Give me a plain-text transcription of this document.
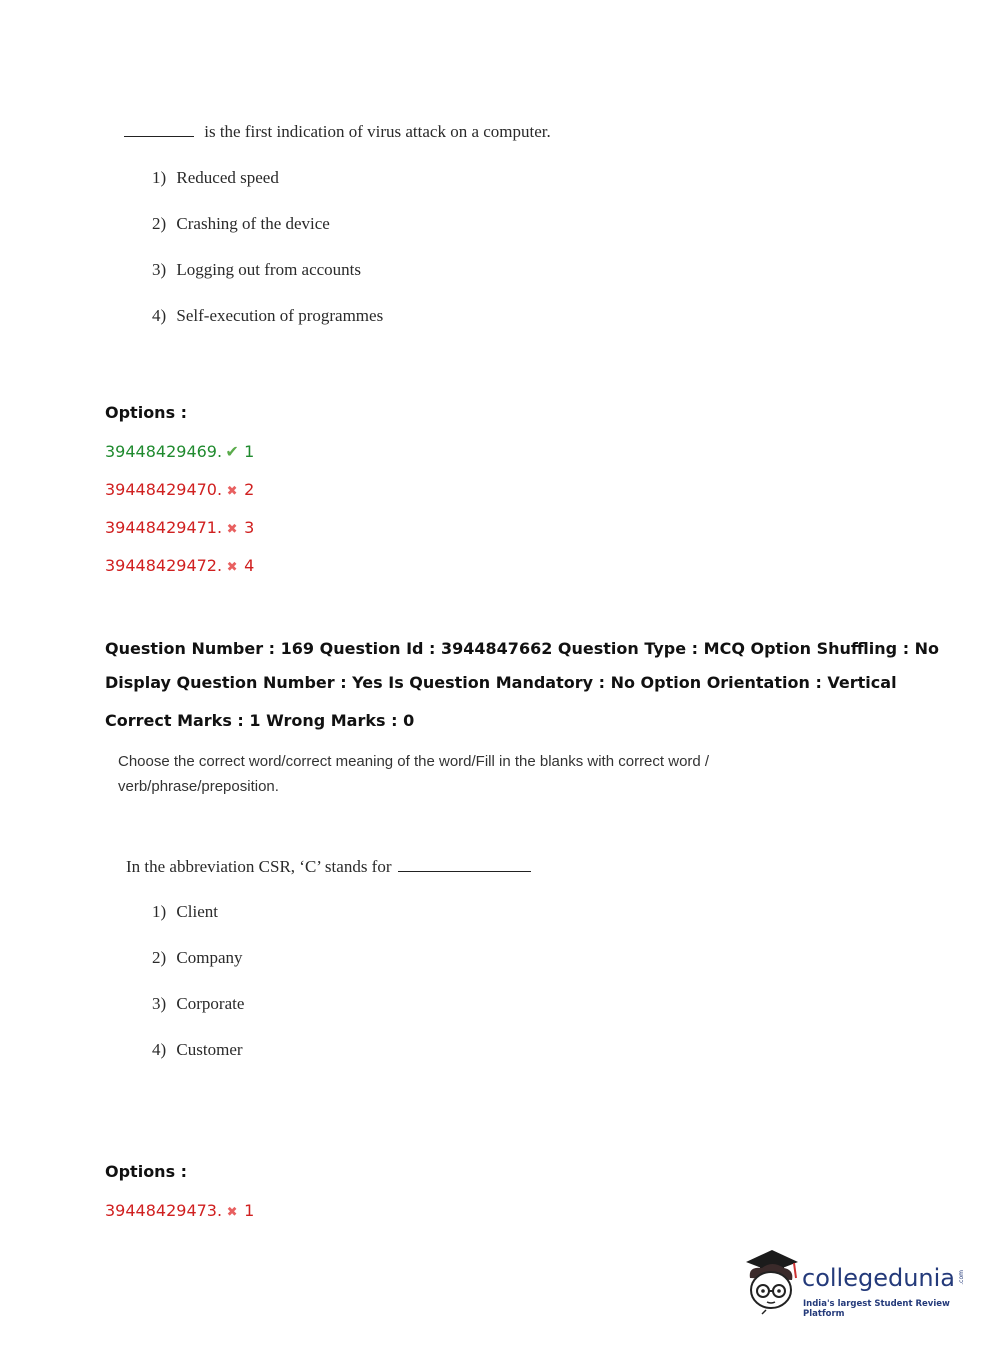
is the first indication of virus attack on a computer.
1) Reduced speed
2) Crashing of the device
3) Logging out from accounts
4) Self-execution of programmes
Options :
39448429469. ✔ 1
39448429470. ✖ 2
39448429471. ✖ 3
39448429472. ✖ 4
Question Number : 169 Question Id : 3944847662 Question Type : MCQ Option Shuffling : No
Display Question Number : Yes Is Question Mandatory : No Option Orientation : Vertical
Correct Marks : 1 Wrong Marks : 0
Choose the correct word/correct meaning of the word/Fill in the blanks with correct word /
verb/phrase/preposition.
In the abbreviation CSR, ‘C’ stands for
1) Client
2) Company
3) Corporate
4) Customer
Options :
39448429473. ✖ 1
collegedunia .com
India's largest Student Review Platform
